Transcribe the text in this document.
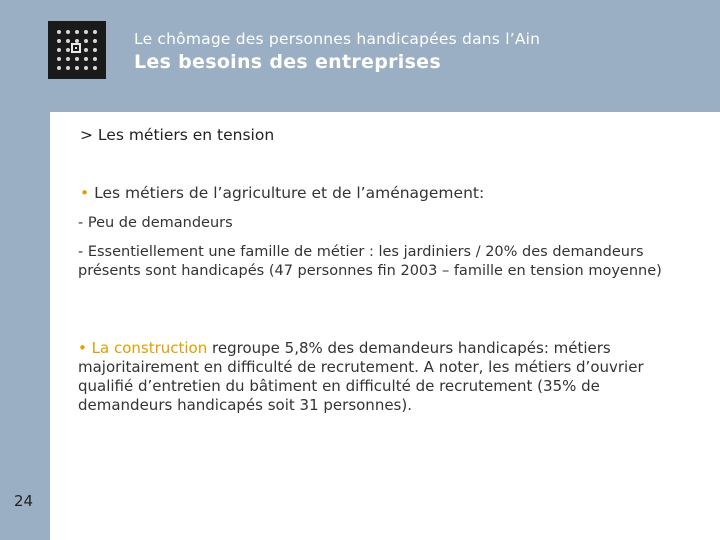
Le chômage des personnes handicapées dans l’Ain
Les besoins des entreprises
> Les métiers en tension
• Les métiers de l’agriculture et de l’aménagement:
- Peu de demandeurs
- Essentiellement une famille de métier : les jardiniers / 20% des demandeurs présents sont handicapés (47 personnes fin 2003 – famille en tension moyenne)
• La construction regroupe 5,8% des demandeurs handicapés: métiers majoritairement en difficulté de recrutement. A noter, les métiers d’ouvrier qualifié d’entretien du bâtiment en difficulté de recrutement (35% de demandeurs handicapés soit 31 personnes).
24
